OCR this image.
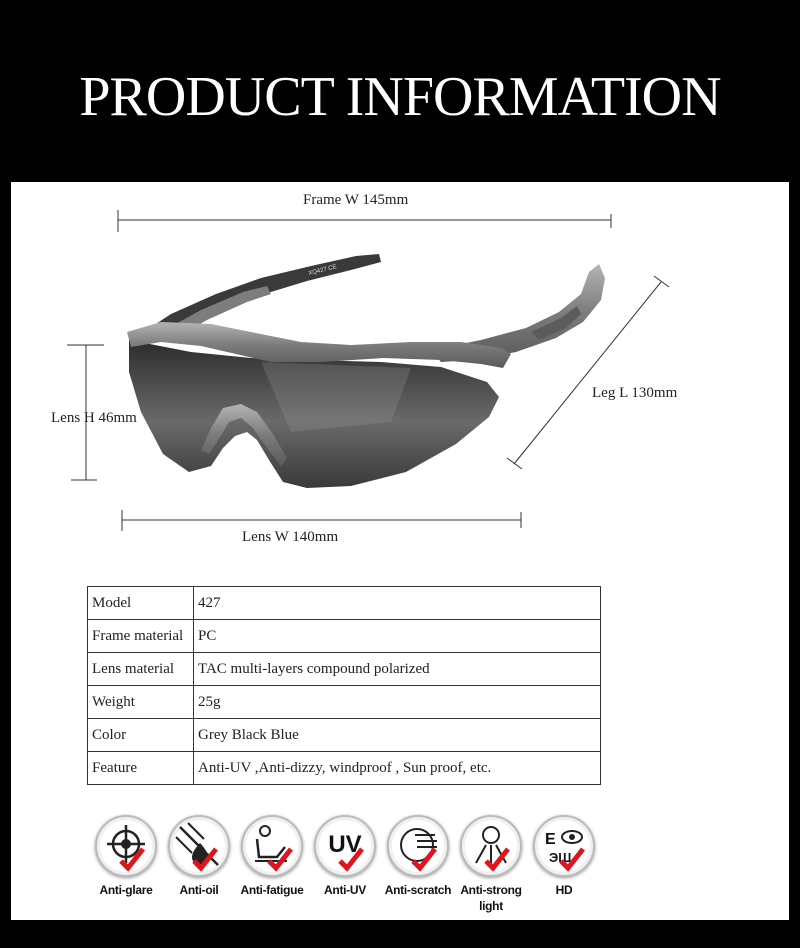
PRODUCT INFORMATION
XQ427 CE
Frame W 145mm
Leg L 130mm
Lens H 46mm
Lens W 140mm
Model	427
Frame material	PC
Lens material	TAC multi-layers compound polarized
Weight	25g
Color	Grey Black Blue
Feature	Anti-UV ,Anti-dizzy, windproof , Sun proof, etc.
Anti-glare	Anti-oil	Anti-fatigue
UV
Anti-UV	Anti-scratch Anti-strong light
E
ЭШ
HD
